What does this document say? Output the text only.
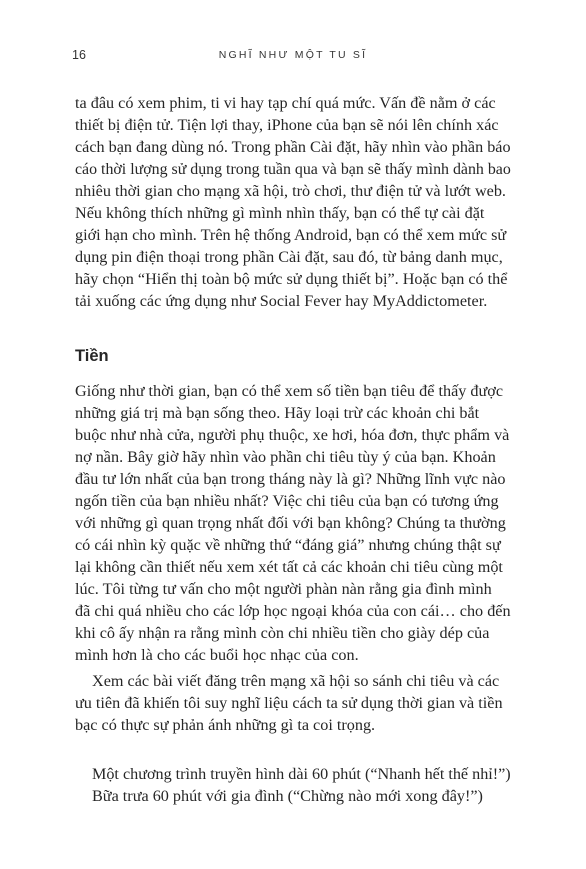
16	NGHĨ NHƯ MỘT TU SĨ
ta đâu có xem phim, ti vi hay tạp chí quá mức. Vấn đề nằm ở các
thiết bị điện tử. Tiện lợi thay, iPhone của bạn sẽ nói lên chính xác
cách bạn đang dùng nó. Trong phần Cài đặt, hãy nhìn vào phần báo
cáo thời lượng sử dụng trong tuần qua và bạn sẽ thấy mình dành bao
nhiêu thời gian cho mạng xã hội, trò chơi, thư điện tử và lướt web.
Nếu không thích những gì mình nhìn thấy, bạn có thể tự cài đặt
giới hạn cho mình. Trên hệ thống Android, bạn có thể xem mức sử
dụng pin điện thoại trong phần Cài đặt, sau đó, từ bảng danh mục,
hãy chọn “Hiển thị toàn bộ mức sử dụng thiết bị”. Hoặc bạn có thể
tải xuống các ứng dụng như Social Fever hay MyAddictometer.
Tiền
Giống như thời gian, bạn có thể xem số tiền bạn tiêu để thấy được
những giá trị mà bạn sống theo. Hãy loại trừ các khoản chi bắt
buộc như nhà cửa, người phụ thuộc, xe hơi, hóa đơn, thực phẩm và
nợ nần. Bây giờ hãy nhìn vào phần chi tiêu tùy ý của bạn. Khoản
đầu tư lớn nhất của bạn trong tháng này là gì? Những lĩnh vực nào
ngốn tiền của bạn nhiều nhất? Việc chi tiêu của bạn có tương ứng
với những gì quan trọng nhất đối với bạn không? Chúng ta thường
có cái nhìn kỳ quặc về những thứ “đáng giá” nhưng chúng thật sự
lại không cần thiết nếu xem xét tất cả các khoản chi tiêu cùng một
lúc. Tôi từng tư vấn cho một người phàn nàn rằng gia đình mình
đã chi quá nhiều cho các lớp học ngoại khóa của con cái… cho đến
khi cô ấy nhận ra rằng mình còn chi nhiều tiền cho giày dép của
mình hơn là cho các buổi học nhạc của con.
Xem các bài viết đăng trên mạng xã hội so sánh chi tiêu và các
ưu tiên đã khiến tôi suy nghĩ liệu cách ta sử dụng thời gian và tiền
bạc có thực sự phản ánh những gì ta coi trọng.
Một chương trình truyền hình dài 60 phút (“Nhanh hết thế nhỉ!”)
Bữa trưa 60 phút với gia đình (“Chừng nào mới xong đây!”)
